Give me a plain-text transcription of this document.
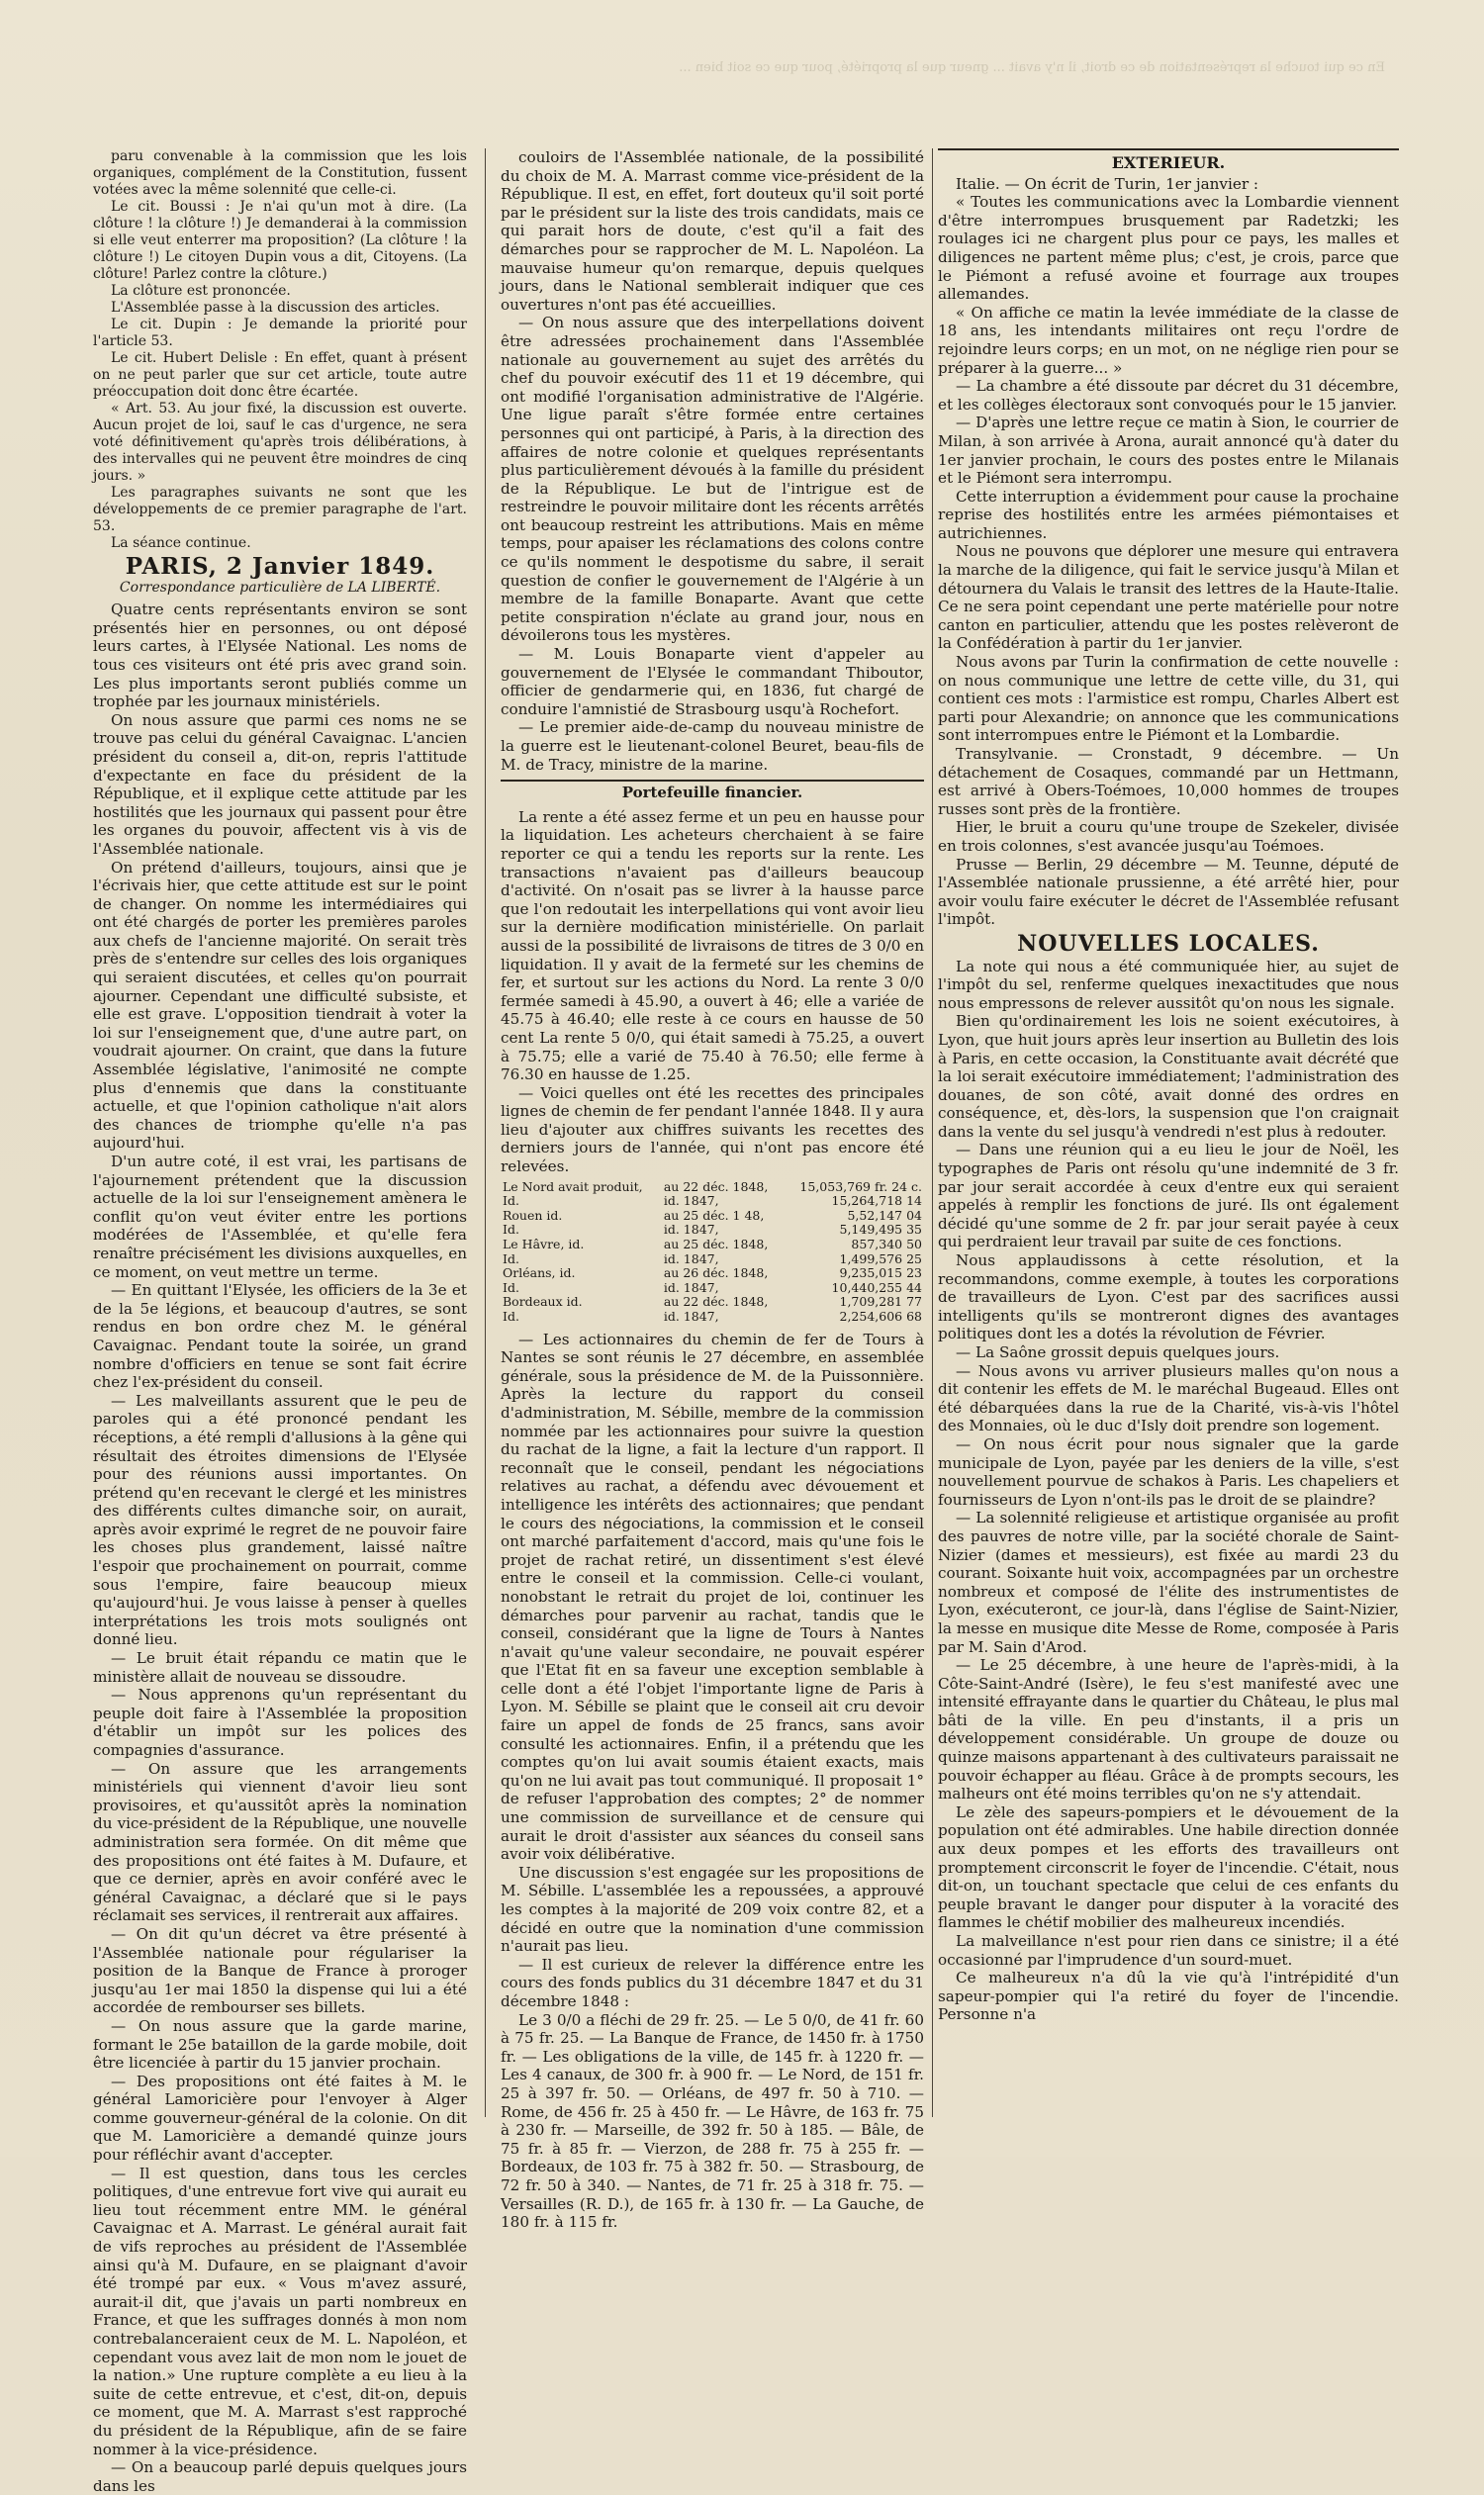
En ce qui touche la représentation de ce droit, il n'y avait ... gneur que la propriété, pour que ce soit bien ...

paru convenable à la commission que les lois organiques, complément de la Constitution, fussent votées avec la même solennité que celle-ci.

Le cit. Boussi : Je n'ai qu'un mot à dire. (La clôture ! la clôture !) Je demanderai à la commission si elle veut enterrer ma proposition? (La clôture ! la clôture !) Le citoyen Dupin vous a dit, Citoyens. (La clôture! Parlez contre la clôture.)

La clôture est prononcée.

L'Assemblée passe à la discussion des articles.

Le cit. Dupin : Je demande la priorité pour l'article 53.

Le cit. Hubert Delisle : En effet, quant à présent on ne peut parler que sur cet article, toute autre préoccupation doit donc être écartée.

« Art. 53. Au jour fixé, la discussion est ouverte. Aucun projet de loi, sauf le cas d'urgence, ne sera voté définitivement qu'après trois délibérations, à des intervalles qui ne peuvent être moindres de cinq jours. »

Les paragraphes suivants ne sont que les développements de ce premier paragraphe de l'art. 53.

La séance continue.

PARIS, 2 Janvier 1849.
Correspondance particulière de LA LIBERTÉ.

Quatre cents représentants environ se sont présentés hier en personnes, ou ont déposé leurs cartes, à l'Elysée National. Les noms de tous ces visiteurs ont été pris avec grand soin. Les plus importants seront publiés comme un trophée par les journaux ministériels.

On nous assure que parmi ces noms ne se trouve pas celui du général Cavaignac. L'ancien président du conseil a, dit-on, repris l'attitude d'expectante en face du président de la République, et il explique cette attitude par les hostilités que les journaux qui passent pour être les organes du pouvoir, affectent vis à vis de l'Assemblée nationale.

On prétend d'ailleurs, toujours, ainsi que je l'écrivais hier, que cette attitude est sur le point de changer. On nomme les intermédiaires qui ont été chargés de porter les premières paroles aux chefs de l'ancienne majorité. On serait très près de s'entendre sur celles des lois organiques qui seraient discutées, et celles qu'on pourrait ajourner. Cependant une difficulté subsiste, et elle est grave. L'opposition tiendrait à voter la loi sur l'enseignement que, d'une autre part, on voudrait ajourner. On craint, que dans la future Assemblée législative, l'animosité ne compte plus d'ennemis que dans la constituante actuelle, et que l'opinion catholique n'ait alors des chances de triomphe qu'elle n'a pas aujourd'hui.

D'un autre coté, il est vrai, les partisans de l'ajournement prétendent que la discussion actuelle de la loi sur l'enseignement amènera le conflit qu'on veut éviter entre les portions modérées de l'Assemblée, et qu'elle fera renaître précisément les divisions auxquelles, en ce moment, on veut mettre un terme.

— En quittant l'Elysée, les officiers de la 3e et de la 5e légions, et beaucoup d'autres, se sont rendus en bon ordre chez M. le général Cavaignac. Pendant toute la soirée, un grand nombre d'officiers en tenue se sont fait écrire chez l'ex-président du conseil.

— Les malveillants assurent que le peu de paroles qui a été prononcé pendant les réceptions, a été rempli d'allusions à la gêne qui résultait des étroites dimensions de l'Elysée pour des réunions aussi importantes. On prétend qu'en recevant le clergé et les ministres des différents cultes dimanche soir, on aurait, après avoir exprimé le regret de ne pouvoir faire les choses plus grandement, laissé naître l'espoir que prochainement on pourrait, comme sous l'empire, faire beaucoup mieux qu'aujourd'hui. Je vous laisse à penser à quelles interprétations les trois mots soulignés ont donné lieu.

— Le bruit était répandu ce matin que le ministère allait de nouveau se dissoudre.

— Nous apprenons qu'un représentant du peuple doit faire à l'Assemblée la proposition d'établir un impôt sur les polices des compagnies d'assurance.

— On assure que les arrangements ministériels qui viennent d'avoir lieu sont provisoires, et qu'aussitôt après la nomination du vice-président de la République, une nouvelle administration sera formée. On dit même que des propositions ont été faites à M. Dufaure, et que ce dernier, après en avoir conféré avec le général Cavaignac, a déclaré que si le pays réclamait ses services, il rentrerait aux affaires.

— On dit qu'un décret va être présenté à l'Assemblée nationale pour régulariser la position de la Banque de France à proroger jusqu'au 1er mai 1850 la dispense qui lui a été accordée de rembourser ses billets.

— On nous assure que la garde marine, formant le 25e bataillon de la garde mobile, doit être licenciée à partir du 15 janvier prochain.

— Des propositions ont été faites à M. le général Lamoricière pour l'envoyer à Alger comme gouverneur-général de la colonie. On dit que M. Lamoricière a demandé quinze jours pour réfléchir avant d'accepter.

— Il est question, dans tous les cercles politiques, d'une entrevue fort vive qui aurait eu lieu tout récemment entre MM. le général Cavaignac et A. Marrast. Le général aurait fait de vifs reproches au président de l'Assemblée ainsi qu'à M. Dufaure, en se plaignant d'avoir été trompé par eux. « Vous m'avez assuré, aurait-il dit, que j'avais un parti nombreux en France, et que les suffrages donnés à mon nom contrebalanceraient ceux de M. L. Napoléon, et cependant vous avez lait de mon nom le jouet de la nation.» Une rupture complète a eu lieu à la suite de cette entrevue, et c'est, dit-on, depuis ce moment, que M. A. Marrast s'est rapproché du président de la République, afin de se faire nommer à la vice-présidence.

— On a beaucoup parlé depuis quelques jours dans les

couloirs de l'Assemblée nationale, de la possibilité du choix de M. A. Marrast comme vice-président de la République. Il est, en effet, fort douteux qu'il soit porté par le président sur la liste des trois candidats, mais ce qui parait hors de doute, c'est qu'il a fait des démarches pour se rapprocher de M. L. Napoléon. La mauvaise humeur qu'on remarque, depuis quelques jours, dans le National semblerait indiquer que ces ouvertures n'ont pas été accueillies.

— On nous assure que des interpellations doivent être adressées prochainement dans l'Assemblée nationale au gouvernement au sujet des arrêtés du chef du pouvoir exécutif des 11 et 19 décembre, qui ont modifié l'organisation administrative de l'Algérie. Une ligue paraît s'être formée entre certaines personnes qui ont participé, à Paris, à la direction des affaires de notre colonie et quelques représentants plus particulièrement dévoués à la famille du président de la République. Le but de l'intrigue est de restreindre le pouvoir militaire dont les récents arrêtés ont beaucoup restreint les attributions. Mais en même temps, pour apaiser les réclamations des colons contre ce qu'ils nomment le despotisme du sabre, il serait question de confier le gouvernement de l'Algérie à un membre de la famille Bonaparte. Avant que cette petite conspiration n'éclate au grand jour, nous en dévoilerons tous les mystères.

— M. Louis Bonaparte vient d'appeler au gouvernement de l'Elysée le commandant Thiboutor, officier de gendarmerie qui, en 1836, fut chargé de conduire l'amnistié de Strasbourg usqu'à Rochefort.

— Le premier aide-de-camp du nouveau ministre de la guerre est le lieutenant-colonel Beuret, beau-fils de M. de Tracy, ministre de la marine.

Portefeuille financier.

La rente a été assez ferme et un peu en hausse pour la liquidation. Les acheteurs cherchaient à se faire reporter ce qui a tendu les reports sur la rente. Les transactions n'avaient pas d'ailleurs beaucoup d'activité. On n'osait pas se livrer à la hausse parce que l'on redoutait les interpellations qui vont avoir lieu sur la dernière modification ministérielle. On parlait aussi de la possibilité de livraisons de titres de 3 0/0 en liquidation. Il y avait de la fermeté sur les chemins de fer, et surtout sur les actions du Nord. La rente 3 0/0 fermée samedi à 45.90, a ouvert à 46; elle a variée de 45.75 à 46.40; elle reste à ce cours en hausse de 50 cent La rente 5 0/0, qui était samedi à 75.25, a ouvert à 75.75; elle a varié de 75.40 à 76.50; elle ferme à 76.30 en hausse de 1.25.

— Voici quelles ont été les recettes des principales lignes de chemin de fer pendant l'année 1848. Il y aura lieu d'ajouter aux chiffres suivants les recettes des derniers jours de l'année, qui n'ont pas encore été relevées.

Le Nord avait produit,	au 22 déc. 1848,	15,053,769 fr. 24 c.
Id.	id. 1847,	15,264,718 14
Rouen id.	au 25 déc. 1 48,	5,52,147 04
Id.	id. 1847,	5,149,495 35
Le Hâvre, id.	au 25 déc. 1848,	857,340 50
Id.	id. 1847,	1,499,576 25
Orléans, id.	au 26 déc. 1848,	9,235,015 23
Id.	id. 1847,	10,440,255 44
Bordeaux id.	au 22 déc. 1848,	1,709,281 77
Id.	id. 1847,	2,254,606 68

— Les actionnaires du chemin de fer de Tours à Nantes se sont réunis le 27 décembre, en assemblée générale, sous la présidence de M. de la Puissonnière. Après la lecture du rapport du conseil d'administration, M. Sébille, membre de la commission nommée par les actionnaires pour suivre la question du rachat de la ligne, a fait la lecture d'un rapport. Il reconnaît que le conseil, pendant les négociations relatives au rachat, a défendu avec dévouement et intelligence les intérêts des actionnaires; que pendant le cours des négociations, la commission et le conseil ont marché parfaitement d'accord, mais qu'une fois le projet de rachat retiré, un dissentiment s'est élevé entre le conseil et la commission. Celle-ci voulant, nonobstant le retrait du projet de loi, continuer les démarches pour parvenir au rachat, tandis que le conseil, considérant que la ligne de Tours à Nantes n'avait qu'une valeur secondaire, ne pouvait espérer que l'Etat fit en sa faveur une exception semblable à celle dont a été l'objet l'importante ligne de Paris à Lyon. M. Sébille se plaint que le conseil ait cru devoir faire un appel de fonds de 25 francs, sans avoir consulté les actionnaires. Enfin, il a prétendu que les comptes qu'on lui avait soumis étaient exacts, mais qu'on ne lui avait pas tout communiqué. Il proposait 1° de refuser l'approbation des comptes; 2° de nommer une commission de surveillance et de censure qui aurait le droit d'assister aux séances du conseil sans avoir voix délibérative.

Une discussion s'est engagée sur les propositions de M. Sébille. L'assemblée les a repoussées, a approuvé les comptes à la majorité de 209 voix contre 82, et a décidé en outre que la nomination d'une commission n'aurait pas lieu.

— Il est curieux de relever la différence entre les cours des fonds publics du 31 décembre 1847 et du 31 décembre 1848 :

Le 3 0/0 a fléchi de 29 fr. 25. — Le 5 0/0, de 41 fr. 60 à 75 fr. 25. — La Banque de France, de 1450 fr. à 1750 fr. — Les obligations de la ville, de 145 fr. à 1220 fr. — Les 4 canaux, de 300 fr. à 900 fr. — Le Nord, de 151 fr. 25 à 397 fr. 50. — Orléans, de 497 fr. 50 à 710. — Rome, de 456 fr. 25 à 450 fr. — Le Hâvre, de 163 fr. 75 à 230 fr. — Marseille, de 392 fr. 50 à 185. — Bâle, de 75 fr. à 85 fr. — Vierzon, de 288 fr. 75 à 255 fr. — Bordeaux, de 103 fr. 75 à 382 fr. 50. — Strasbourg, de 72 fr. 50 à 340. — Nantes, de 71 fr. 25 à 318 fr. 75. — Versailles (R. D.), de 165 fr. à 130 fr. — La Gauche, de 180 fr. à 115 fr.

EXTERIEUR.

Italie. — On écrit de Turin, 1er janvier :

« Toutes les communications avec la Lombardie viennent d'être interrompues brusquement par Radetzki; les roulages ici ne chargent plus pour ce pays, les malles et diligences ne partent même plus; c'est, je crois, parce que le Piémont a refusé avoine et fourrage aux troupes allemandes.

« On affiche ce matin la levée immédiate de la classe de 18 ans, les intendants militaires ont reçu l'ordre de rejoindre leurs corps; en un mot, on ne néglige rien pour se préparer à la guerre... »

— La chambre a été dissoute par décret du 31 décembre, et les collèges électoraux sont convoqués pour le 15 janvier.

— D'après une lettre reçue ce matin à Sion, le courrier de Milan, à son arrivée à Arona, aurait annoncé qu'à dater du 1er janvier prochain, le cours des postes entre le Milanais et le Piémont sera interrompu.

Cette interruption a évidemment pour cause la prochaine reprise des hostilités entre les armées piémontaises et autrichiennes.

Nous ne pouvons que déplorer une mesure qui entravera la marche de la diligence, qui fait le service jusqu'à Milan et détournera du Valais le transit des lettres de la Haute-Italie. Ce ne sera point cependant une perte matérielle pour notre canton en particulier, attendu que les postes relèveront de la Confédération à partir du 1er janvier.

Nous avons par Turin la confirmation de cette nouvelle : on nous communique une lettre de cette ville, du 31, qui contient ces mots : l'armistice est rompu, Charles Albert est parti pour Alexandrie; on annonce que les communications sont interrompues entre le Piémont et la Lombardie.

Transylvanie. — Cronstadt, 9 décembre. — Un détachement de Cosaques, commandé par un Hettmann, est arrivé à Obers-Toémoes, 10,000 hommes de troupes russes sont près de la frontière.

Hier, le bruit a couru qu'une troupe de Szekeler, divisée en trois colonnes, s'est avancée jusqu'au Toémoes.

Prusse — Berlin, 29 décembre — M. Teunne, député de l'Assemblée nationale prussienne, a été arrêté hier, pour avoir voulu faire exécuter le décret de l'Assemblée refusant l'impôt.

NOUVELLES LOCALES.

La note qui nous a été communiquée hier, au sujet de l'impôt du sel, renferme quelques inexactitudes que nous nous empressons de relever aussitôt qu'on nous les signale.

Bien qu'ordinairement les lois ne soient exécutoires, à Lyon, que huit jours après leur insertion au Bulletin des lois à Paris, en cette occasion, la Constituante avait décrété que la loi serait exécutoire immédiatement; l'administration des douanes, de son côté, avait donné des ordres en conséquence, et, dès-lors, la suspension que l'on craignait dans la vente du sel jusqu'à vendredi n'est plus à redouter.

— Dans une réunion qui a eu lieu le jour de Noël, les typographes de Paris ont résolu qu'une indemnité de 3 fr. par jour serait accordée à ceux d'entre eux qui seraient appelés à remplir les fonctions de juré. Ils ont également décidé qu'une somme de 2 fr. par jour serait payée à ceux qui perdraient leur travail par suite de ces fonctions.

Nous applaudissons à cette résolution, et la recommandons, comme exemple, à toutes les corporations de travailleurs de Lyon. C'est par des sacrifices aussi intelligents qu'ils se montreront dignes des avantages politiques dont les a dotés la révolution de Février.

— La Saône grossit depuis quelques jours.

— Nous avons vu arriver plusieurs malles qu'on nous a dit contenir les effets de M. le maréchal Bugeaud. Elles ont été débarquées dans la rue de la Charité, vis-à-vis l'hôtel des Monnaies, où le duc d'Isly doit prendre son logement.

— On nous écrit pour nous signaler que la garde municipale de Lyon, payée par les deniers de la ville, s'est nouvellement pourvue de schakos à Paris. Les chapeliers et fournisseurs de Lyon n'ont-ils pas le droit de se plaindre?

— La solennité religieuse et artistique organisée au profit des pauvres de notre ville, par la société chorale de Saint-Nizier (dames et messieurs), est fixée au mardi 23 du courant. Soixante huit voix, accompagnées par un orchestre nombreux et composé de l'élite des instrumentistes de Lyon, exécuteront, ce jour-là, dans l'église de Saint-Nizier, la messe en musique dite Messe de Rome, composée à Paris par M. Sain d'Arod.

— Le 25 décembre, à une heure de l'après-midi, à la Côte-Saint-André (Isère), le feu s'est manifesté avec une intensité effrayante dans le quartier du Château, le plus mal bâti de la ville. En peu d'instants, il a pris un développement considérable. Un groupe de douze ou quinze maisons appartenant à des cultivateurs paraissait ne pouvoir échapper au fléau. Grâce à de prompts secours, les malheurs ont été moins terribles qu'on ne s'y attendait.

Le zèle des sapeurs-pompiers et le dévouement de la population ont été admirables. Une habile direction donnée aux deux pompes et les efforts des travailleurs ont promptement circonscrit le foyer de l'incendie. C'était, nous dit-on, un touchant spectacle que celui de ces enfants du peuple bravant le danger pour disputer à la voracité des flammes le chétif mobilier des malheureux incendiés.

La malveillance n'est pour rien dans ce sinistre; il a été occasionné par l'imprudence d'un sourd-muet.

Ce malheureux n'a dû la vie qu'à l'intrépidité d'un sapeur-pompier qui l'a retiré du foyer de l'incendie. Personne n'a
